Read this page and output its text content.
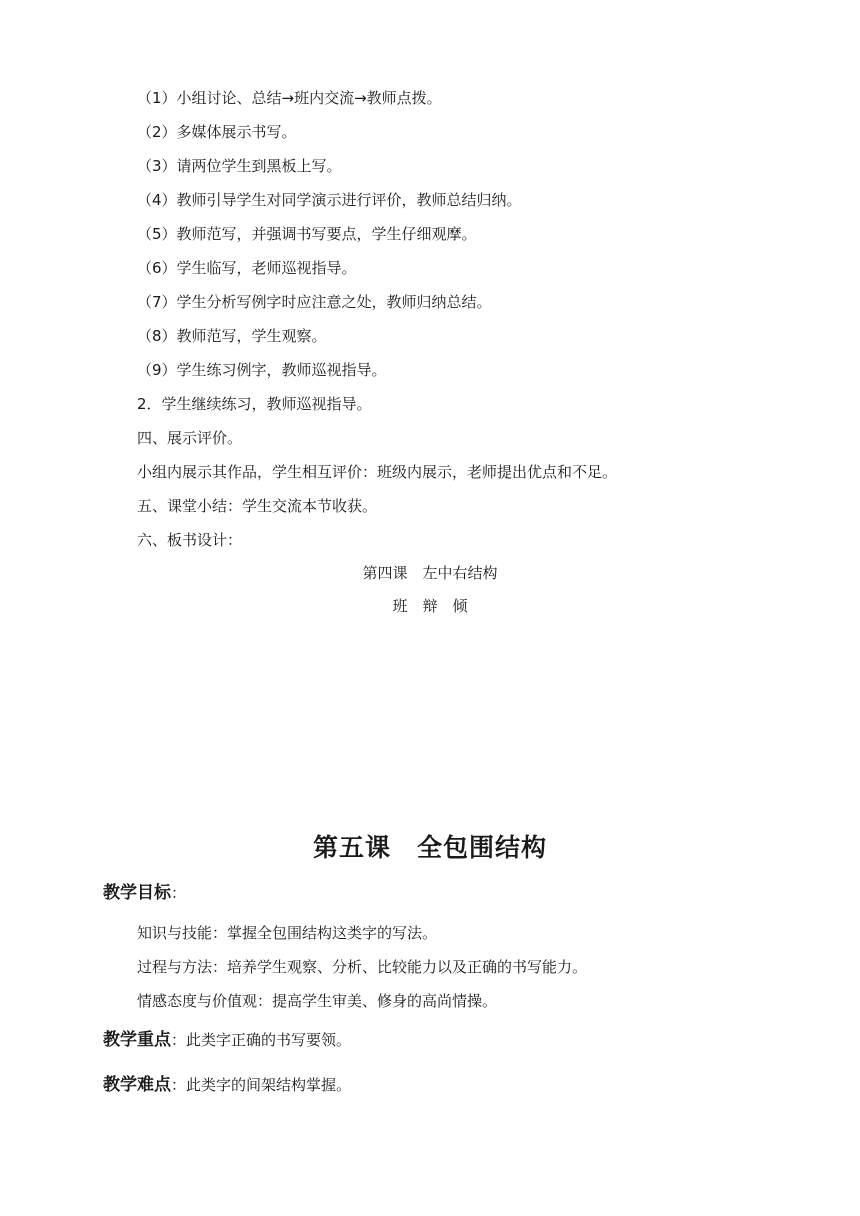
（1）小组讨论、总结→班内交流→教师点拨。
（2）多媒体展示书写。
（3）请两位学生到黑板上写。
（4）教师引导学生对同学演示进行评价，教师总结归纳。
（5）教师范写，并强调书写要点，学生仔细观摩。
（6）学生临写，老师巡视指导。
（7）学生分析写例字时应注意之处，教师归纳总结。
（8）教师范写，学生观察。
（9）学生练习例字，教师巡视指导。
2．学生继续练习，教师巡视指导。
四、展示评价。
小组内展示其作品，学生相互评价：班级内展示，老师提出优点和不足。
五、课堂小结：学生交流本节收获。
六、板书设计：
第四课　左中右结构
班　辩　倾
第五课　全包围结构
教学目标：
知识与技能：掌握全包围结构这类字的写法。
过程与方法：培养学生观察、分析、比较能力以及正确的书写能力。
情感态度与价值观：提高学生审美、修身的高尚情操。
教学重点：此类字正确的书写要领。
教学难点：此类字的间架结构掌握。
